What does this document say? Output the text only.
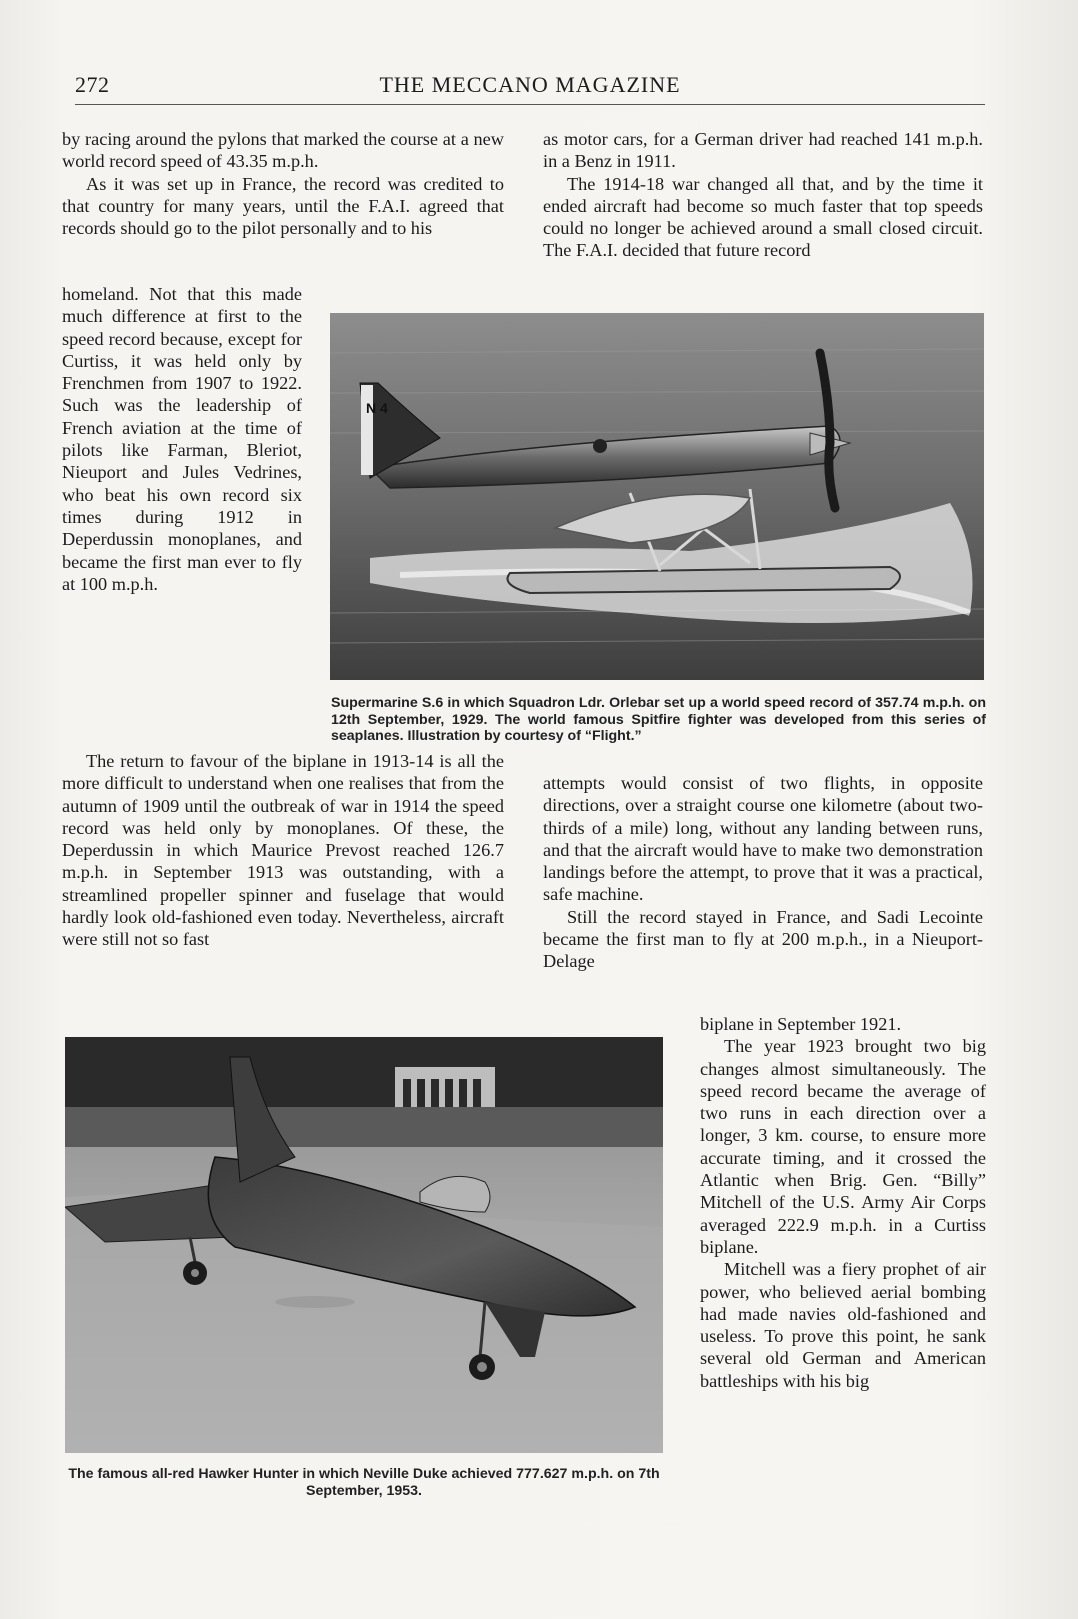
272	THE MECCANO MAGAZINE

by racing around the pylons that marked the course at a new world record speed of 43.35 m.p.h.

As it was set up in France, the record was credited to that country for many years, until the F.A.I. agreed that records should go to the pilot personally and to his

homeland. Not that this made much difference at first to the speed record because, except for Curtiss, it was held only by Frenchmen from 1907 to 1922. Such was the leadership of French aviation at the time of pilots like Farman, Bleriot, Nieuport and Jules Vedrines, who beat his own record six times during 1912 in Deperdussin monoplanes, and became the first man ever to fly at 100 m.p.h.

The return to favour of the biplane in 1913-14 is all the more difficult to understand when one realises that from the autumn of 1909 until the outbreak of war in 1914 the speed record was held only by monoplanes. Of these, the Deperdussin in which Maurice Prevost reached 126.7 m.p.h. in September 1913 was outstanding, with a streamlined propeller spinner and fuselage that would hardly look old-fashioned even today. Nevertheless, aircraft were still not so fast

as motor cars, for a German driver had reached 141 m.p.h. in a Benz in 1911.

The 1914-18 war changed all that, and by the time it ended aircraft had become so much faster that top speeds could no longer be achieved around a small closed circuit. The F.A.I. decided that future record

attempts would consist of two flights, in opposite directions, over a straight course one kilometre (about two-thirds of a mile) long, without any landing between runs, and that the aircraft would have to make two demonstration landings before the attempt, to prove that it was a practical, safe machine.

Still the record stayed in France, and Sadi Lecointe became the first man to fly at 200 m.p.h., in a Nieuport-Delage

biplane in September 1921.

The year 1923 brought two big changes almost simultaneously. The speed record became the average of two runs in each direction over a longer, 3 km. course, to ensure more accurate timing, and it crossed the Atlantic when Brig. Gen. “Billy” Mitchell of the U.S. Army Air Corps averaged 222.9 m.p.h. in a Curtiss biplane.

Mitchell was a fiery prophet of air power, who believed aerial bombing had made navies old-fashioned and useless. To prove this point, he sank several old German and American battleships with his big

N 4
Supermarine S.6 in which Squadron Ldr. Orlebar set up a world speed record of 357.74 m.p.h. on 12th September, 1929. The world famous Spitfire fighter was developed from this series of seaplanes. Illustration by courtesy of “Flight.”
The famous all-red Hawker Hunter in which Neville Duke achieved 777.627 m.p.h. on 7th September, 1953.
